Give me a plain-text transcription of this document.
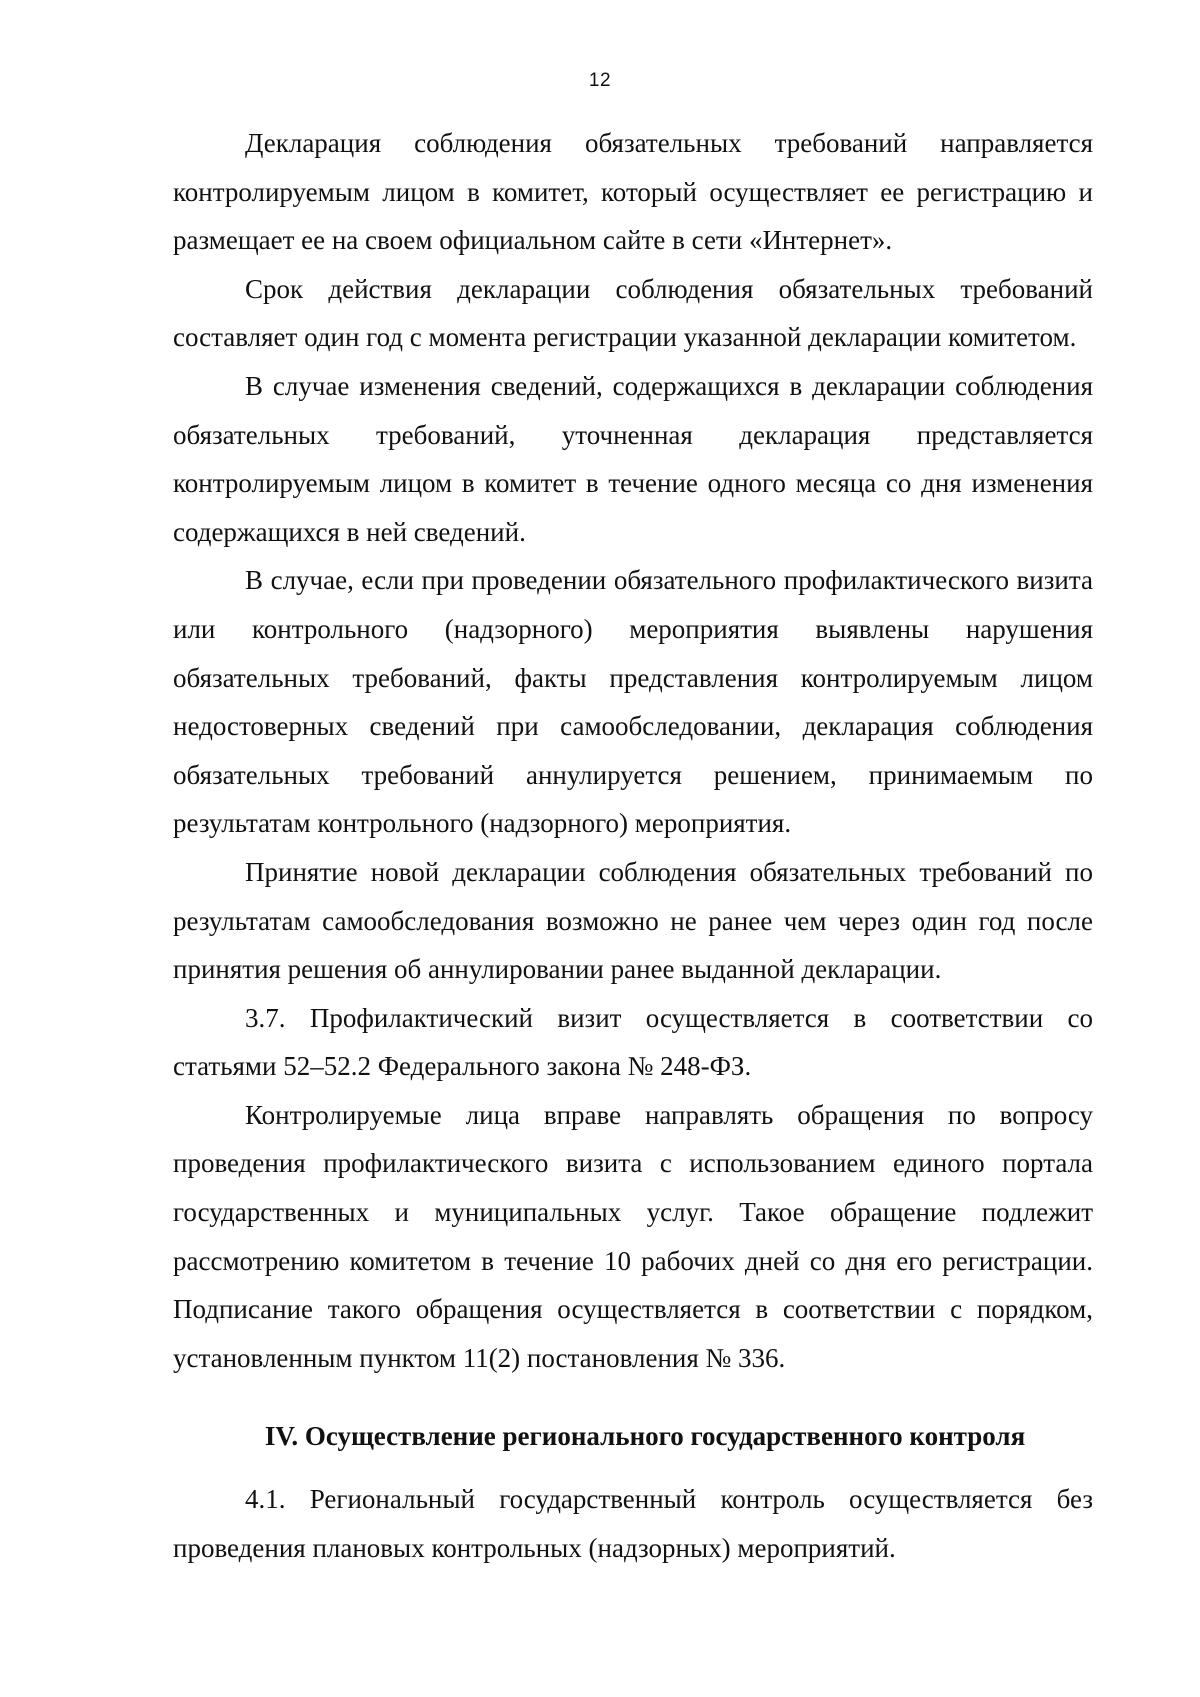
12

Декларация соблюдения обязательных требований направляется контролируемым лицом в комитет, который осуществляет ее регистрацию и размещает ее на своем официальном сайте в сети «Интернет».

Срок действия декларации соблюдения обязательных требований составляет один год с момента регистрации указанной декларации комитетом.

В случае изменения сведений, содержащихся в декларации соблюдения обязательных требований, уточненная декларация представляется контролируемым лицом в комитет в течение одного месяца со дня изменения содержащихся в ней сведений.

В случае, если при проведении обязательного профилактического визита или контрольного (надзорного) мероприятия выявлены нарушения обязательных требований, факты представления контролируемым лицом недостоверных сведений при самообследовании, декларация соблюдения обязательных требований аннулируется решением, принимаемым по результатам контрольного (надзорного) мероприятия.

Принятие новой декларации соблюдения обязательных требований по результатам самообследования возможно не ранее чем через один год после принятия решения об аннулировании ранее выданной декларации.

3.7. Профилактический визит осуществляется в соответствии со статьями 52–52.2 Федерального закона № 248-ФЗ.

Контролируемые лица вправе направлять обращения по вопросу проведения профилактического визита с использованием единого портала государственных и муниципальных услуг. Такое обращение подлежит рассмотрению комитетом в течение 10 рабочих дней со дня его регистрации. Подписание такого обращения осуществляется в соответствии с порядком, установленным пунктом 11(2) постановления № 336.

IV. Осуществление регионального государственного контроля

4.1. Региональный государственный контроль осуществляется без проведения плановых контрольных (надзорных) мероприятий.
